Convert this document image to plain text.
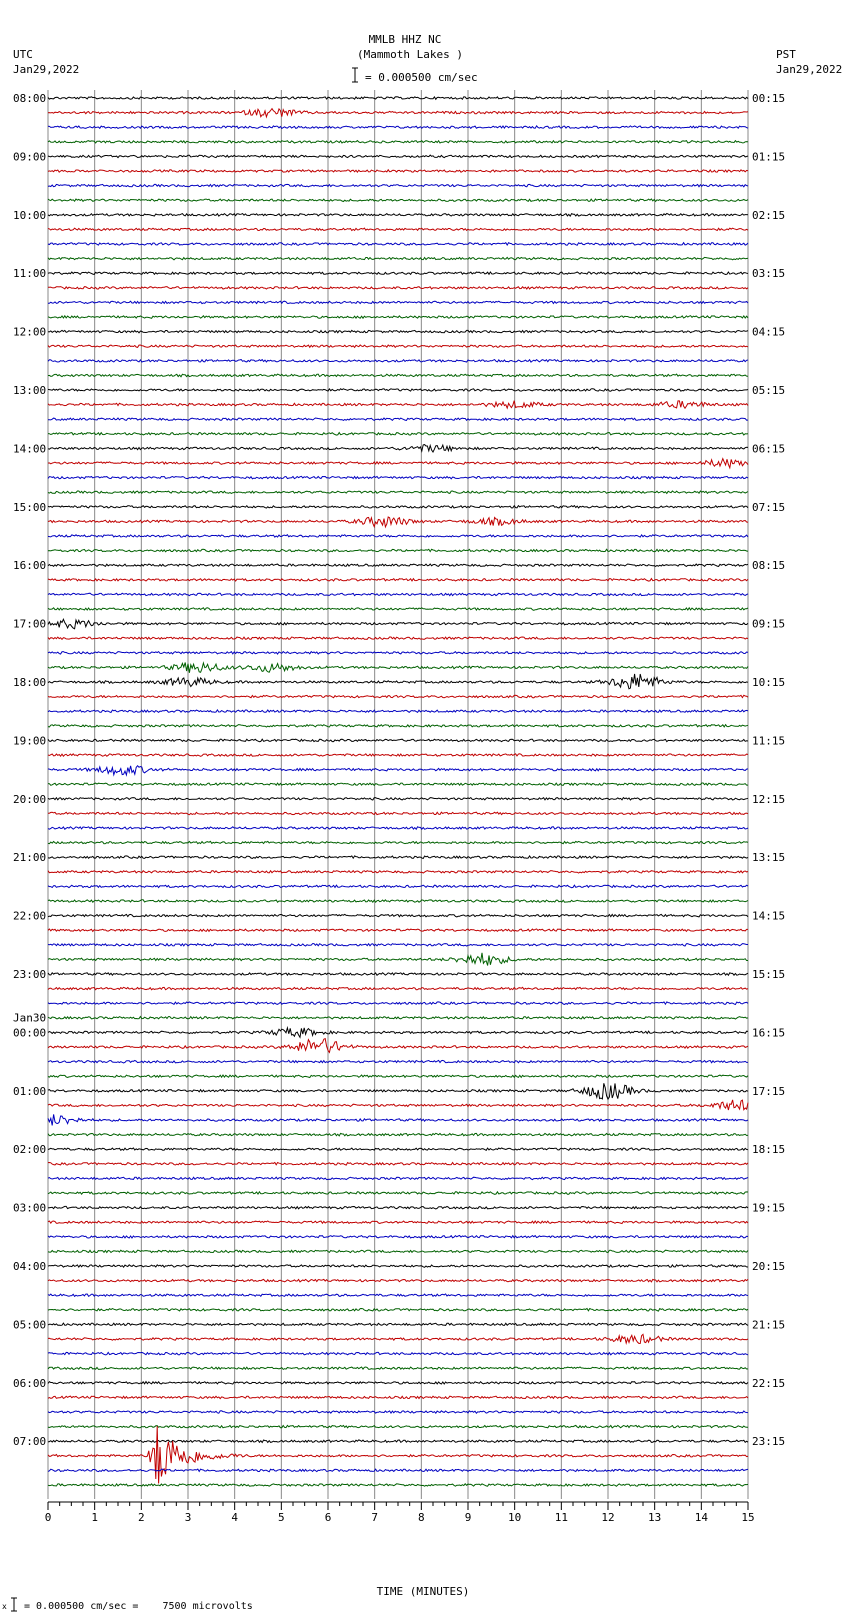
MMLB HHZ NC
(Mammoth Lakes )
= 0.000500 cm/sec
UTC
Jan29,2022
PST
Jan29,2022
08:00
09:00
10:00
11:00
12:00
13:00
14:00
15:00
16:00
17:00
18:00
19:00
20:00
21:00
22:00
23:00
00:00
01:00
02:00
03:00
04:00
05:00
06:00
07:00
Jan30
00:15
01:15
02:15
03:15
04:15
05:15
06:15
07:15
08:15
09:15
10:15
11:15
12:15
13:15
14:15
15:15
16:15
17:15
18:15
19:15
20:15
21:15
22:15
23:15
0	1	2	3	4	5	6	7	8	9	10	11	12	13	14	15
TIME (MINUTES)
x = 0.000500 cm/sec =    7500 microvolts
